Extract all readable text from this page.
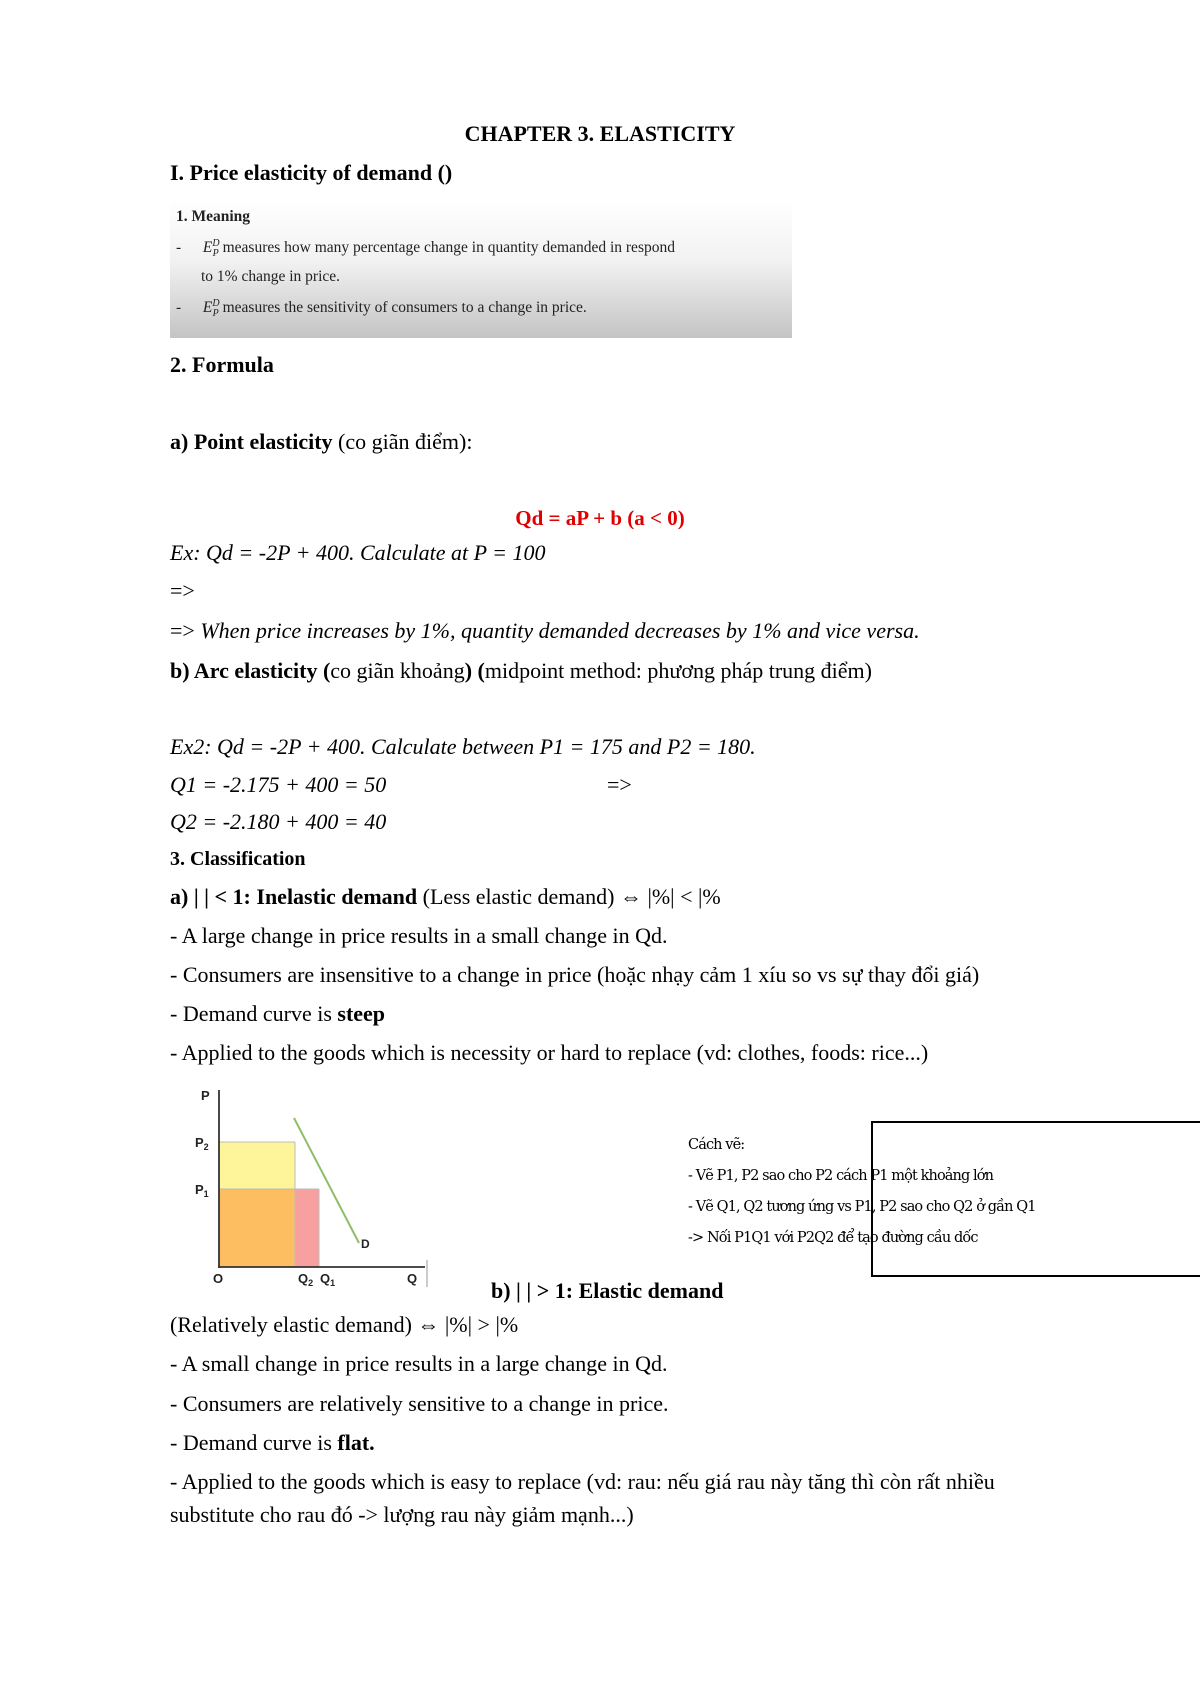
CHAPTER 3. ELASTICITY
I. Price elasticity of demand ()
1. Meaning
- $E^D_P$ measures how many percentage change in quantity demanded in respond
to 1% change in price.
- $E^D_P$ measures the sensitivity of consumers to a change in price.
2. Formula
a) Point elasticity (co giãn điểm):
Qd = aP + b (a < 0)
Ex: Qd = -2P + 400. Calculate at P = 100
=>
=> When price increases by 1%, quantity demanded decreases by 1% and vice versa.
b) Arc elasticity (co giãn khoảng) (midpoint method: phương pháp trung điểm)
Ex2: Qd = -2P + 400. Calculate between P1 = 175 and P2 = 180.
Q1 = -2.175 + 400 = 50	=>
Q2 = -2.180 + 400 = 40
3. Classification
a) | | < 1: Inelastic demand (Less elastic demand) ⇔ |%| < |%
- A large change in price results in a small change in Qd.
- Consumers are insensitive to a change in price (hoặc nhạy cảm 1 xíu so vs sự thay đổi giá)
- Demand curve is steep
- Applied to the goods which is necessity or hard to replace (vd: clothes, foods: rice...)
P
$P_2$
$P_1$
O	$Q_2$ $Q_1$	Q
D
Cách vẽ:
- Vẽ P1, P2 sao cho P2 cách P1 một khoảng lớn
- Vẽ Q1, Q2 tương ứng vs P1, P2 sao cho Q2 ở gần Q1
-> Nối P1Q1 với P2Q2 để tạo đường cầu dốc
b) | | > 1: Elastic demand
(Relatively elastic demand) ⇔ |%| > |%
- A small change in price results in a large change in Qd.
- Consumers are relatively sensitive to a change in price.
- Demand curve is flat.
- Applied to the goods which is easy to replace (vd: rau: nếu giá rau này tăng thì còn rất nhiều
substitute cho rau đó -> lượng rau này giảm mạnh...)
